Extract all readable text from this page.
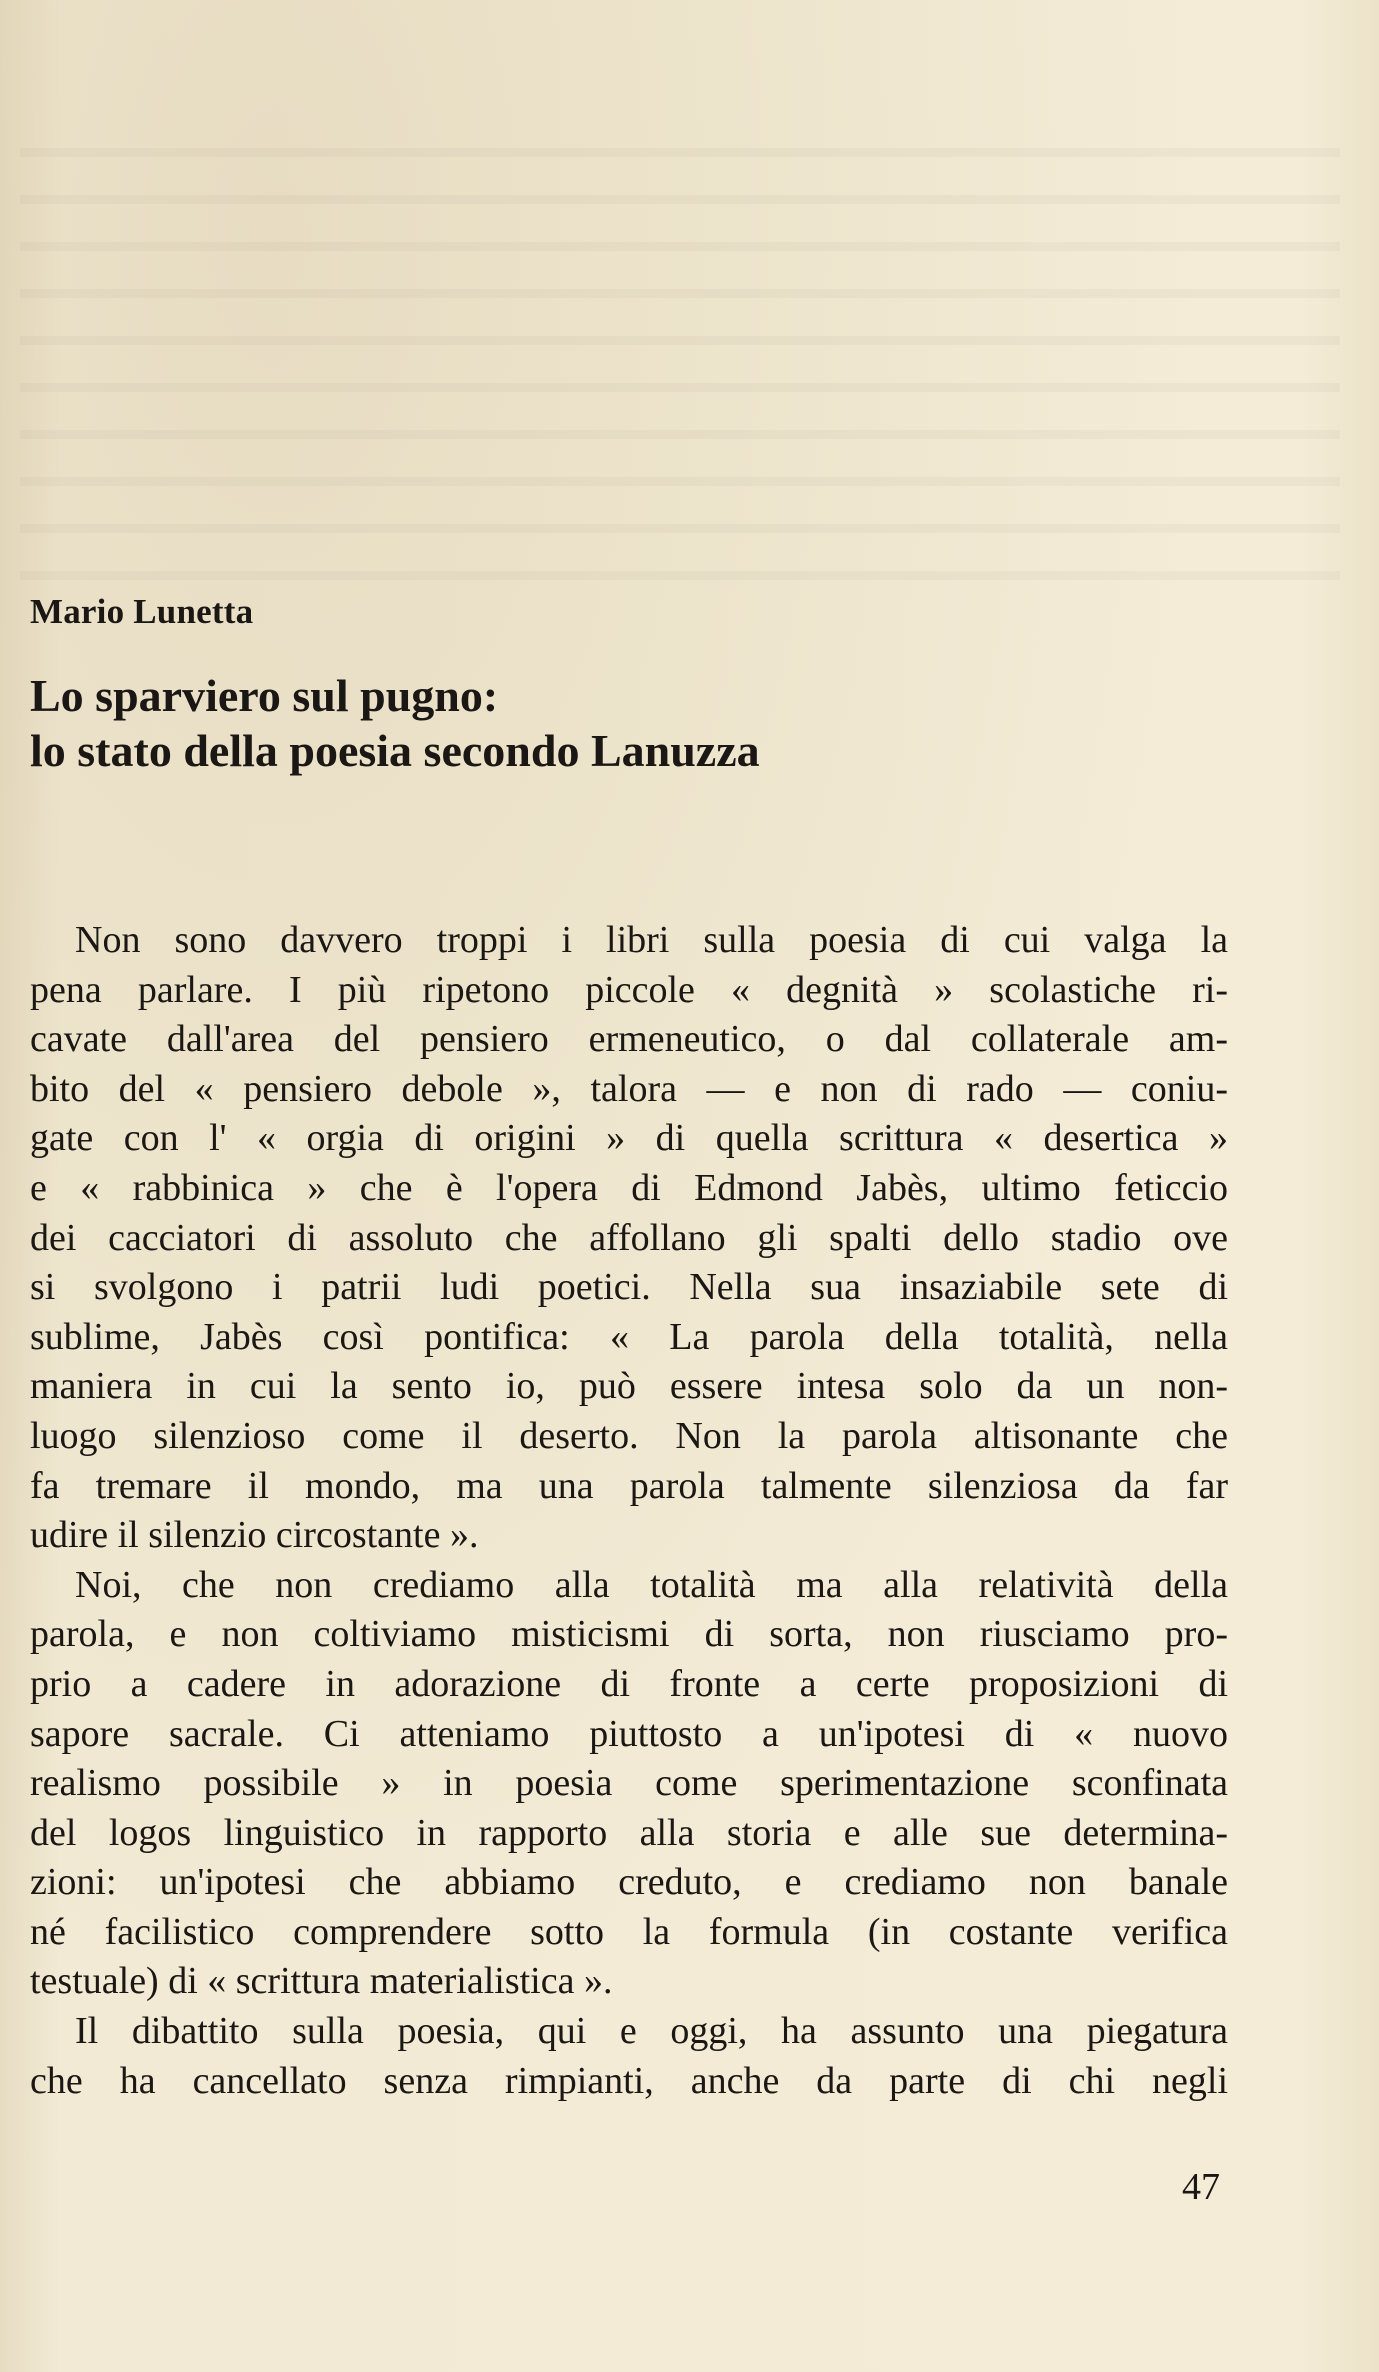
Mario Lunetta
Lo sparviero sul pugno:
lo stato della poesia secondo Lanuzza
Non sono davvero troppi i libri sulla poesia di cui valga la
pena parlare. I più ripetono piccole « degnità » scolastiche ri-
cavate dall'area del pensiero ermeneutico, o dal collaterale am-
bito del « pensiero debole », talora — e non di rado — coniu-
gate con l' « orgia di origini » di quella scrittura « desertica »
e « rabbinica » che è l'opera di Edmond Jabès, ultimo feticcio
dei cacciatori di assoluto che affollano gli spalti dello stadio ove
si svolgono i patrii ludi poetici. Nella sua insaziabile sete di
sublime, Jabès così pontifica: « La parola della totalità, nella
maniera in cui la sento io, può essere intesa solo da un non-
luogo silenzioso come il deserto. Non la parola altisonante che
fa tremare il mondo, ma una parola talmente silenziosa da far
udire il silenzio circostante ».
Noi, che non crediamo alla totalità ma alla relatività della
parola, e non coltiviamo misticismi di sorta, non riusciamo pro-
prio a cadere in adorazione di fronte a certe proposizioni di
sapore sacrale. Ci atteniamo piuttosto a un'ipotesi di « nuovo
realismo possibile » in poesia come sperimentazione sconfinata
del logos linguistico in rapporto alla storia e alle sue determina-
zioni: un'ipotesi che abbiamo creduto, e crediamo non banale
né facilistico comprendere sotto la formula (in costante verifica
testuale) di « scrittura materialistica ».
Il dibattito sulla poesia, qui e oggi, ha assunto una piegatura
che ha cancellato senza rimpianti, anche da parte di chi negli
47
